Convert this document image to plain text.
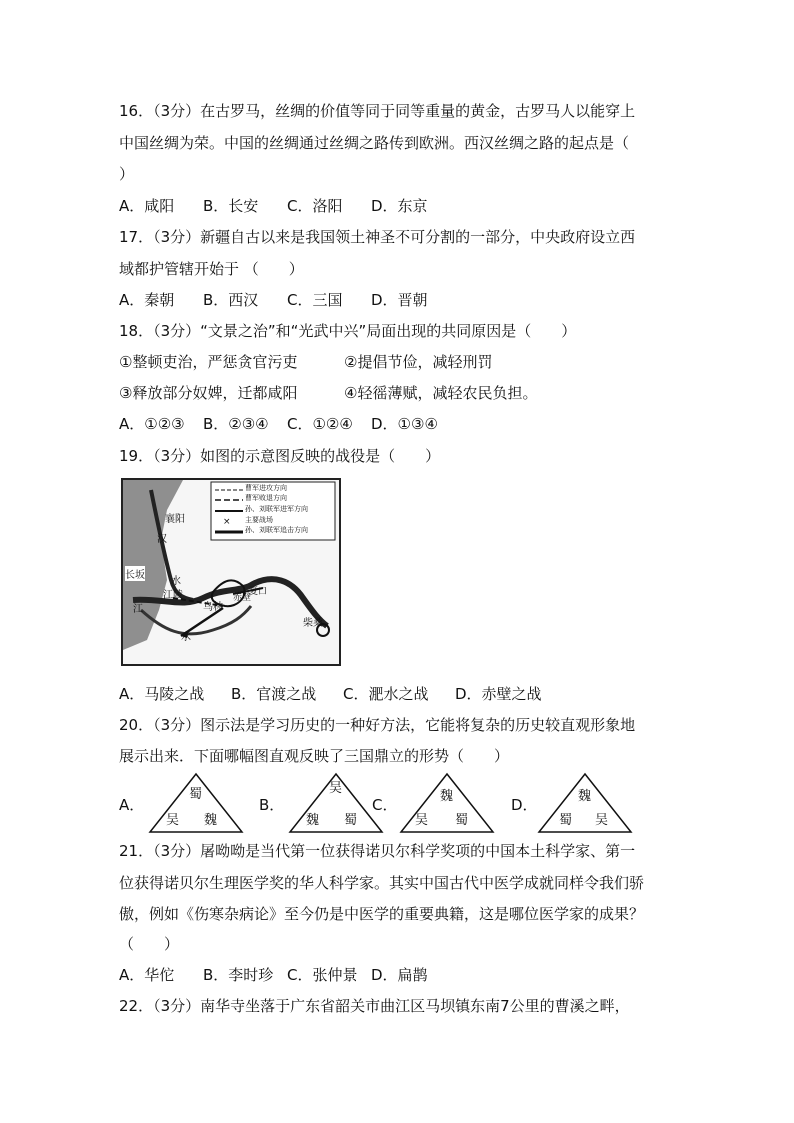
16．（3分）在古罗马，丝绸的价值等同于同等重量的黄金，古罗马人以能穿上
中国丝绸为荣。中国的丝绸通过丝绸之路传到欧洲。西汉丝绸之路的起点是（
）
A．咸阳 B．长安 C．洛阳 D．东京
17．（3分）新疆自古以来是我国领土神圣不可分割的一部分，中央政府设立西
域都护管辖开始于 （　　）
A．秦朝 B．西汉 C．三国 D．晋朝
18．（3分）“文景之治”和“光武中兴”局面出现的共同原因是（　　）
①整顿吏治，严惩贪官污吏	②提倡节俭，减轻刑罚
③释放部分奴婢，迁都咸阳	④轻徭薄赋，减轻农民负担。
A．①②③ B．②③④ C．①②④ D．①③④
19．（3分）如图的示意图反映的战役是（　　）
×
曹军进攻方向
曹军败退方向
孙、刘联军进军方向
主要战场
孙、刘联军追击方向
襄阳
汉
水
长坂
江陵
江
水
乌林
赤壁
夏口
柴桑
A．马陵之战 B．官渡之战 C．淝水之战 D．赤壁之战
20．（3分）图示法是学习历史的一种好方法，它能将复杂的历史较直观形象地
展示出来．下面哪幅图直观反映了三国鼎立的形势（　　）
A．
蜀
吴 魏
B．
吴
魏 蜀
C．	魏
吴 蜀
D．	魏
蜀 吴
21．（3分）屠呦呦是当代第一位获得诺贝尔科学奖项的中国本土科学家、第一
位获得诺贝尔生理医学奖的华人科学家。其实中国古代中医学成就同样令我们骄
傲，例如《伤寒杂病论》至今仍是中医学的重要典籍，这是哪位医学家的成果？
（　　）
A．华佗 B．李时珍 C．张仲景 D．扁鹊
22．（3分）南华寺坐落于广东省韶关市曲江区马坝镇东南7公里的曹溪之畔，
